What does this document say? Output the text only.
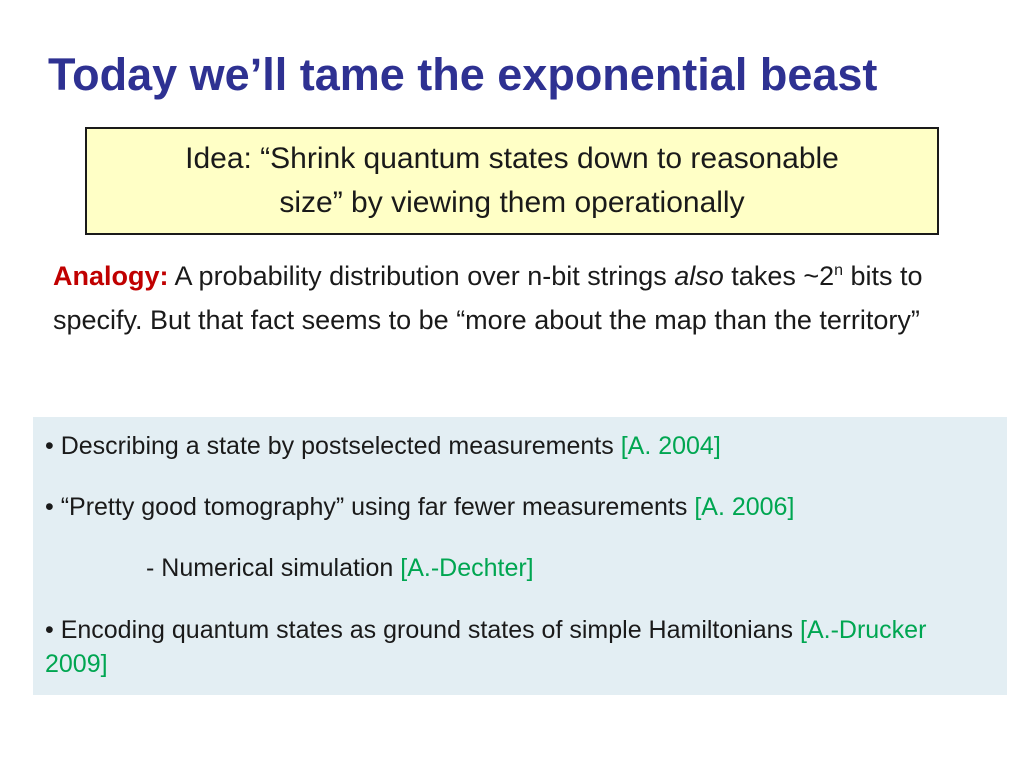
Today we’ll tame the exponential beast
Idea: “Shrink quantum states down to reasonable
size” by viewing them operationally

Analogy: A probability distribution over n-bit strings also takes ~2$^n$ bits to specify. But that fact seems to be “more about the map than the territory”

• Describing a state by postselected measurements [A. 2004]
• “Pretty good tomography” using far fewer measurements [A. 2006]
- Numerical simulation [A.-Dechter]
• Encoding quantum states as ground states of simple Hamiltonians [A.-Drucker 2009]
